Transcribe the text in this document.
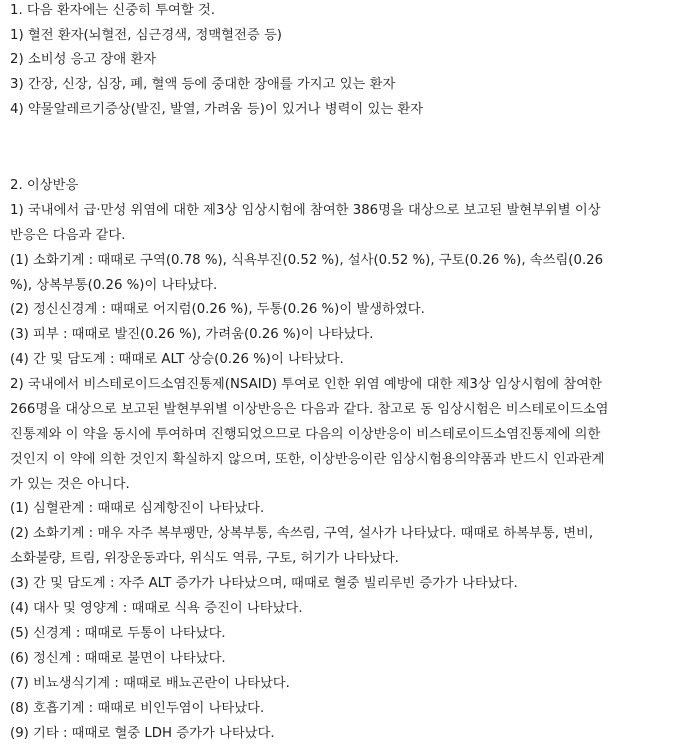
1. 다음 환자에는 신중히 투여할 것.
1) 혈전 환자(뇌혈전, 심근경색, 정맥혈전증 등)
2) 소비성 응고 장애 환자
3) 간장, 신장, 심장, 폐, 혈액 등에 중대한 장애를 가지고 있는 환자
4) 약물알레르기증상(발진, 발열, 가려움 등)이 있거나 병력이 있는 환자
2. 이상반응
1) 국내에서 급·만성 위염에 대한 제3상 임상시험에 참여한 386명을 대상으로 보고된 발현부위별 이상
반응은 다음과 같다.
(1) 소화기계 : 때때로 구역(0.78 %), 식욕부진(0.52 %), 설사(0.52 %), 구토(0.26 %), 속쓰림(0.26
%), 상복부통(0.26 %)이 나타났다.
(2) 정신신경계 : 때때로 어지럼(0.26 %), 두통(0.26 %)이 발생하였다.
(3) 피부 : 때때로 발진(0.26 %), 가려움(0.26 %)이 나타났다.
(4) 간 및 담도계 : 때때로 ALT 상승(0.26 %)이 나타났다.
2) 국내에서 비스테로이드소염진통제(NSAID) 투여로 인한 위염 예방에 대한 제3상 임상시험에 참여한
266명을 대상으로 보고된 발현부위별 이상반응은 다음과 같다. 참고로 동 임상시험은 비스테로이드소염
진통제와 이 약을 동시에 투여하며 진행되었으므로 다음의 이상반응이 비스테로이드소염진통제에 의한
것인지 이 약에 의한 것인지 확실하지 않으며, 또한, 이상반응이란 임상시험용의약품과 반드시 인과관계
가 있는 것은 아니다.
(1) 심혈관계 : 때때로 심계항진이 나타났다.
(2) 소화기계 : 매우 자주 복부팽만, 상복부통, 속쓰림, 구역, 설사가 나타났다. 때때로 하복부통, 변비,
소화불량, 트림, 위장운동과다, 위식도 역류, 구토, 허기가 나타났다.
(3) 간 및 담도계 : 자주 ALT 증가가 나타났으며, 때때로 혈중 빌리루빈 증가가 나타났다.
(4) 대사 및 영양계 : 때때로 식욕 증진이 나타났다.
(5) 신경계 : 때때로 두통이 나타났다.
(6) 정신계 : 때때로 불면이 나타났다.
(7) 비뇨생식기계 : 때때로 배뇨곤란이 나타났다.
(8) 호흡기계 : 때때로 비인두염이 나타났다.
(9) 기타 : 때때로 혈중 LDH 증가가 나타났다.
